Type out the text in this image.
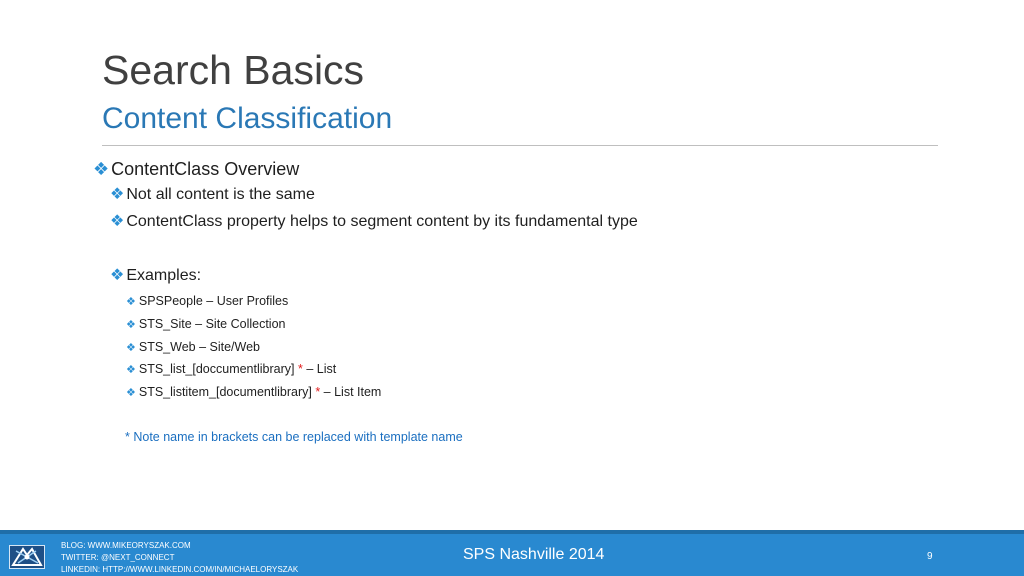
Search Basics
Content Classification
❖ ContentClass Overview
❖ Not all content is the same
❖ ContentClass property helps to segment content by its fundamental type
❖ Examples:
❖ SPSPeople – User Profiles
❖ STS_Site – Site Collection
❖ STS_Web – Site/Web
❖ STS_list_[doccumentlibrary] * – List
❖ STS_listitem_[documentlibrary] * – List Item
* Note name in brackets can be replaced with template name
BLOG: WWW.MIKEORYSZAK.COM
TWITTER: @NEXT_CONNECT
LINKEDIN: HTTP://WWW.LINKEDIN.COM/IN/MICHAELORYSZAK
SPS Nashville 2014	9
